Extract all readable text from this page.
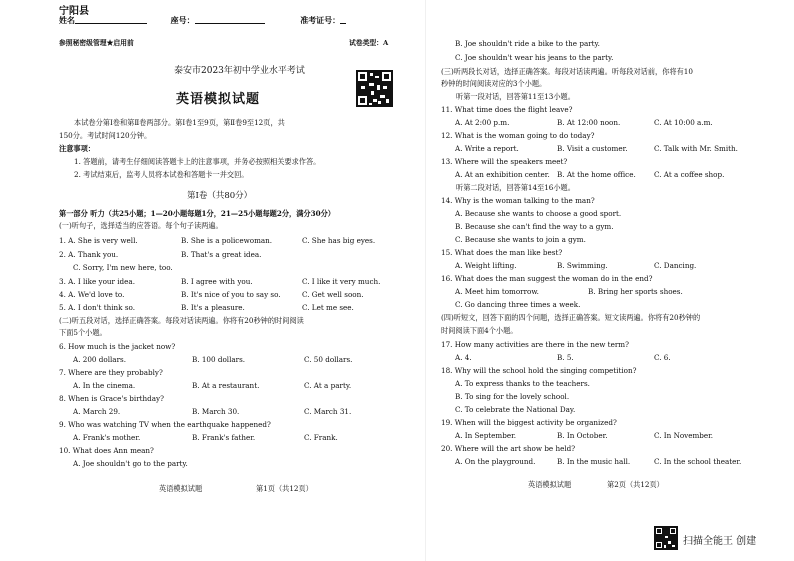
宁阳县
姓名	座号：	准考证号：
参照秘密级管理★启用前	试卷类型：A
泰安市2023年初中学业水平考试
英语模拟试题
本试卷分第Ⅰ卷和第Ⅱ卷两部分。第Ⅰ卷1至9页，第Ⅱ卷9至12页，共
150分。考试时间120分钟。
注意事项：
1. 答题前，请考生仔细阅读答题卡上的注意事项，并务必按照相关要求作答。
2. 考试结束后，监考人员将本试卷和答题卡一并交回。
第Ⅰ卷（共80分）
第一部分 听力（共25小题；1—20小题每题1分，21—25小题每题2分，满分30分）
(一)听句子，选择适当的应答语。每个句子读两遍。
1. A. She is very well.	B. She is a policewoman.	C. She has big eyes.
2. A. Thank you.	B. That's a great idea.
C. Sorry, I'm new here, too.
3. A. I like your idea.	B. I agree with you.	C. I like it very much.
4. A. We'd love to.	B. It's nice of you to say so.	C. Get well soon.
5. A. I don't think so.	B. It's a pleasure.	C. Let me see.
(二)听五段对话，选择正确答案。每段对话读两遍。你将有20秒钟的时间阅读
下面5个小题。
6. How much is the jacket now?
A. 200 dollars.	B. 100 dollars.	C. 50 dollars.
7. Where are they probably?
A. In the cinema.	B. At a restaurant.	C. At a party.
8. When is Grace's birthday?
A. March 29.	B. March 30.	C. March 31.
9. Who was watching TV when the earthquake happened?
A. Frank's mother.	B. Frank's father.	C. Frank.
10. What does Ann mean?
A. Joe shouldn't go to the party.
英语模拟试题	第1页（共12页）
B. Joe shouldn't ride a bike to the party.
C. Joe shouldn't wear his jeans to the party.
(三)听两段长对话，选择正确答案。每段对话读两遍。听每段对话前，你将有10
秒钟的时间阅读对应的3个小题。
听第一段对话，回答第11至13小题。
11. What time does the flight leave?
A. At 2:00 p.m.	B. At 12:00 noon.	C. At 10:00 a.m.
12. What is the woman going to do today?
A. Write a report.	B. Visit a customer.	C. Talk with Mr. Smith.
13. Where will the speakers meet?
A. At an exhibition center. B. At the home office.	C. At a coffee shop.
听第二段对话，回答第14至16小题。
14. Why is the woman talking to the man?
A. Because she wants to choose a good sport.
B. Because she can't find the way to a gym.
C. Because she wants to join a gym.
15. What does the man like best?
A. Weight lifting.	B. Swimming.	C. Dancing.
16. What does the man suggest the woman do in the end?
A. Meet him tomorrow.	B. Bring her sports shoes.
C. Go dancing three times a week.
(四)听短文，回答下面的四个问题，选择正确答案。短文读两遍。你将有20秒钟的
时间阅读下面4个小题。
17. How many activities are there in the new term?
A. 4.	B. 5.	C. 6.
18. Why will the school hold the singing competition?
A. To express thanks to the teachers.
B. To sing for the lovely school.
C. To celebrate the National Day.
19. When will the biggest activity be organized?
A. In September.	B. In October.	C. In November.
20. Where will the art show be held?
A. On the playground.	B. In the music hall.	C. In the school theater.
英语模拟试题	第2页（共12页）
扫描全能王 创建
